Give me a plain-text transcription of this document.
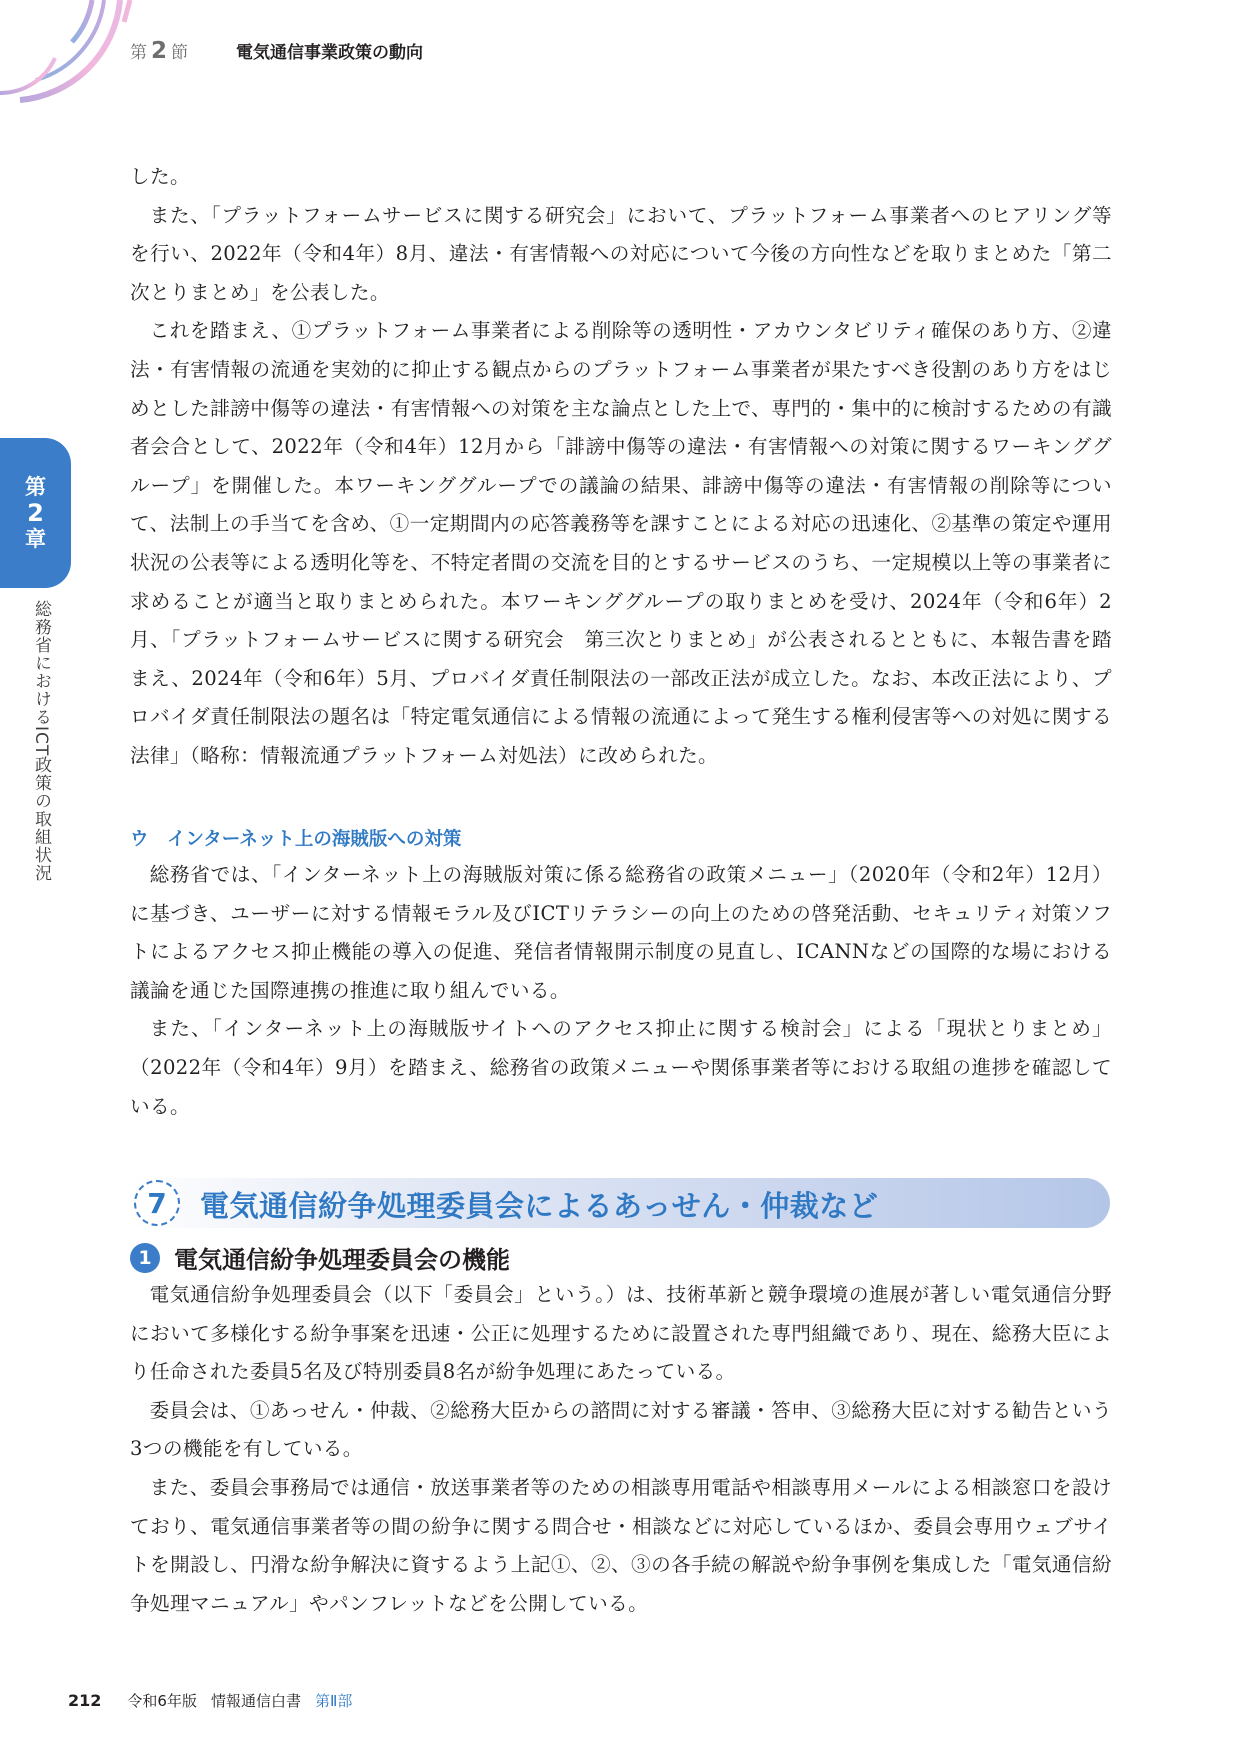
第 2 節	電気通信事業政策の動向
第
2
章
総務省におけるICT政策の取組状況

した。

また、「プラットフォームサービスに関する研究会」において、プラットフォーム事業者へのヒアリング等を行い、2022年（令和4年）8月、違法・有害情報への対応について今後の方向性などを取りまとめた「第二次とりまとめ」を公表した。

これを踏まえ、①プラットフォーム事業者による削除等の透明性・アカウンタビリティ確保のあり方、②違法・有害情報の流通を実効的に抑止する観点からのプラットフォーム事業者が果たすべき役割のあり方をはじめとした誹謗中傷等の違法・有害情報への対策を主な論点とした上で、専門的・集中的に検討するための有識者会合として、2022年（令和4年）12月から「誹謗中傷等の違法・有害情報への対策に関するワーキンググループ」を開催した。本ワーキンググループでの議論の結果、誹謗中傷等の違法・有害情報の削除等について、法制上の手当てを含め、①一定期間内の応答義務等を課すことによる対応の迅速化、②基準の策定や運用状況の公表等による透明化等を、不特定者間の交流を目的とするサービスのうち、一定規模以上等の事業者に求めることが適当と取りまとめられた。本ワーキンググループの取りまとめを受け、2024年（令和6年）2月、「プラットフォームサービスに関する研究会　第三次とりまとめ」が公表されるとともに、本報告書を踏まえ、2024年（令和6年）5月、プロバイダ責任制限法の一部改正法が成立した。なお、本改正法により、プロバイダ責任制限法の題名は「特定電気通信による情報の流通によって発生する権利侵害等への対処に関する法律」（略称：情報流通プラットフォーム対処法）に改められた。

ウ　インターネット上の海賊版への対策

総務省では、「インターネット上の海賊版対策に係る総務省の政策メニュー」（2020年（令和2年）12月）に基づき、ユーザーに対する情報モラル及びICTリテラシーの向上のための啓発活動、セキュリティ対策ソフトによるアクセス抑止機能の導入の促進、発信者情報開示制度の見直し、ICANNなどの国際的な場における議論を通じた国際連携の推進に取り組んでいる。

また、「インターネット上の海賊版サイトへのアクセス抑止に関する検討会」による「現状とりまとめ」（2022年（令和4年）9月）を踏まえ、総務省の政策メニューや関係事業者等における取組の進捗を確認している。

7	電気通信紛争処理委員会によるあっせん・仲裁など
1 電気通信紛争処理委員会の機能

電気通信紛争処理委員会（以下「委員会」という。）は、技術革新と競争環境の進展が著しい電気通信分野において多様化する紛争事案を迅速・公正に処理するために設置された専門組織であり、現在、総務大臣により任命された委員5名及び特別委員8名が紛争処理にあたっている。

委員会は、①あっせん・仲裁、②総務大臣からの諮問に対する審議・答申、③総務大臣に対する勧告という3つの機能を有している。

また、委員会事務局では通信・放送事業者等のための相談専用電話や相談専用メールによる相談窓口を設けており、電気通信事業者等の間の紛争に関する問合せ・相談などに対応しているほか、委員会専用ウェブサイトを開設し、円滑な紛争解決に資するよう上記①、②、③の各手続の解説や紛争事例を集成した「電気通信紛争処理マニュアル」やパンフレットなどを公開している。

212 令和6年版 情報通信白書 第Ⅱ部
